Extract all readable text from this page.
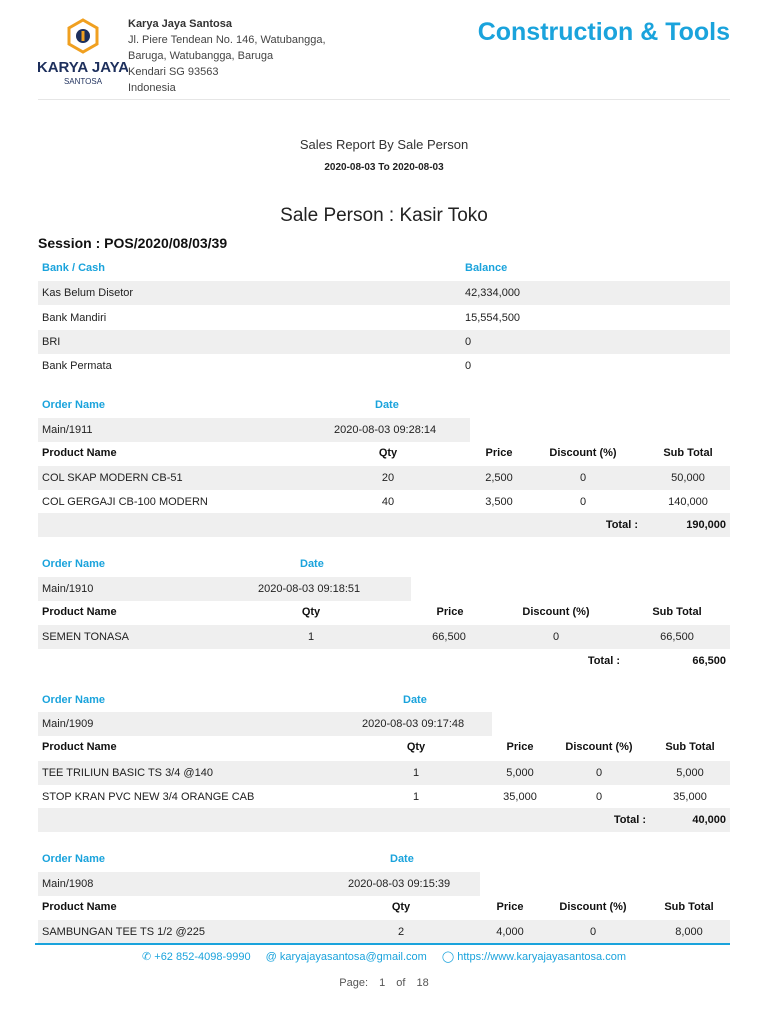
KARYA JAYA
SANTOSA
Karya Jaya Santosa
Jl. Piere Tendean No. 146, Watubangga,
Baruga, Watubangga, Baruga
Kendari SG 93563
Indonesia
Construction & Tools
Sales Report By Sale Person
2020-08-03 To 2020-08-03
Sale Person : Kasir Toko
Session : POS/2020/08/03/39
Bank / Cash	Balance
Kas Belum Disetor	42,334,000
Bank Mandiri	15,554,500
BRI	0
Bank Permata	0
Order Name	Date
Main/1911	2020-08-03 09:28:14
Product Name	Qty	Price	Discount (%)	Sub Total
COL SKAP MODERN CB-51	20	2,500	0	50,000
COL GERGAJI CB-100 MODERN	40	3,500	0	140,000
Total :	190,000
Order Name	Date
Main/1910	2020-08-03 09:18:51
Product Name	Qty	Price	Discount (%)	Sub Total
SEMEN TONASA	1	66,500	0	66,500
Total :	66,500
Order Name	Date
Main/1909	2020-08-03 09:17:48
Product Name	Qty	Price	Discount (%)	Sub Total
TEE TRILIUN BASIC TS 3/4 @140	1	5,000	0	5,000
STOP KRAN PVC NEW 3/4 ORANGE CAB	1	35,000	0	35,000
Total :	40,000
Order Name	Date
Main/1908	2020-08-03 09:15:39
Product Name	Qty	Price	Discount (%)	Sub Total
SAMBUNGAN TEE TS 1/2 @225	2	4,000	0	8,000
✆ +62 852-4098-9990 @ karyajayasantosa@gmail.com ◯ https://www.karyajayasantosa.com
Page: 1 of 18
